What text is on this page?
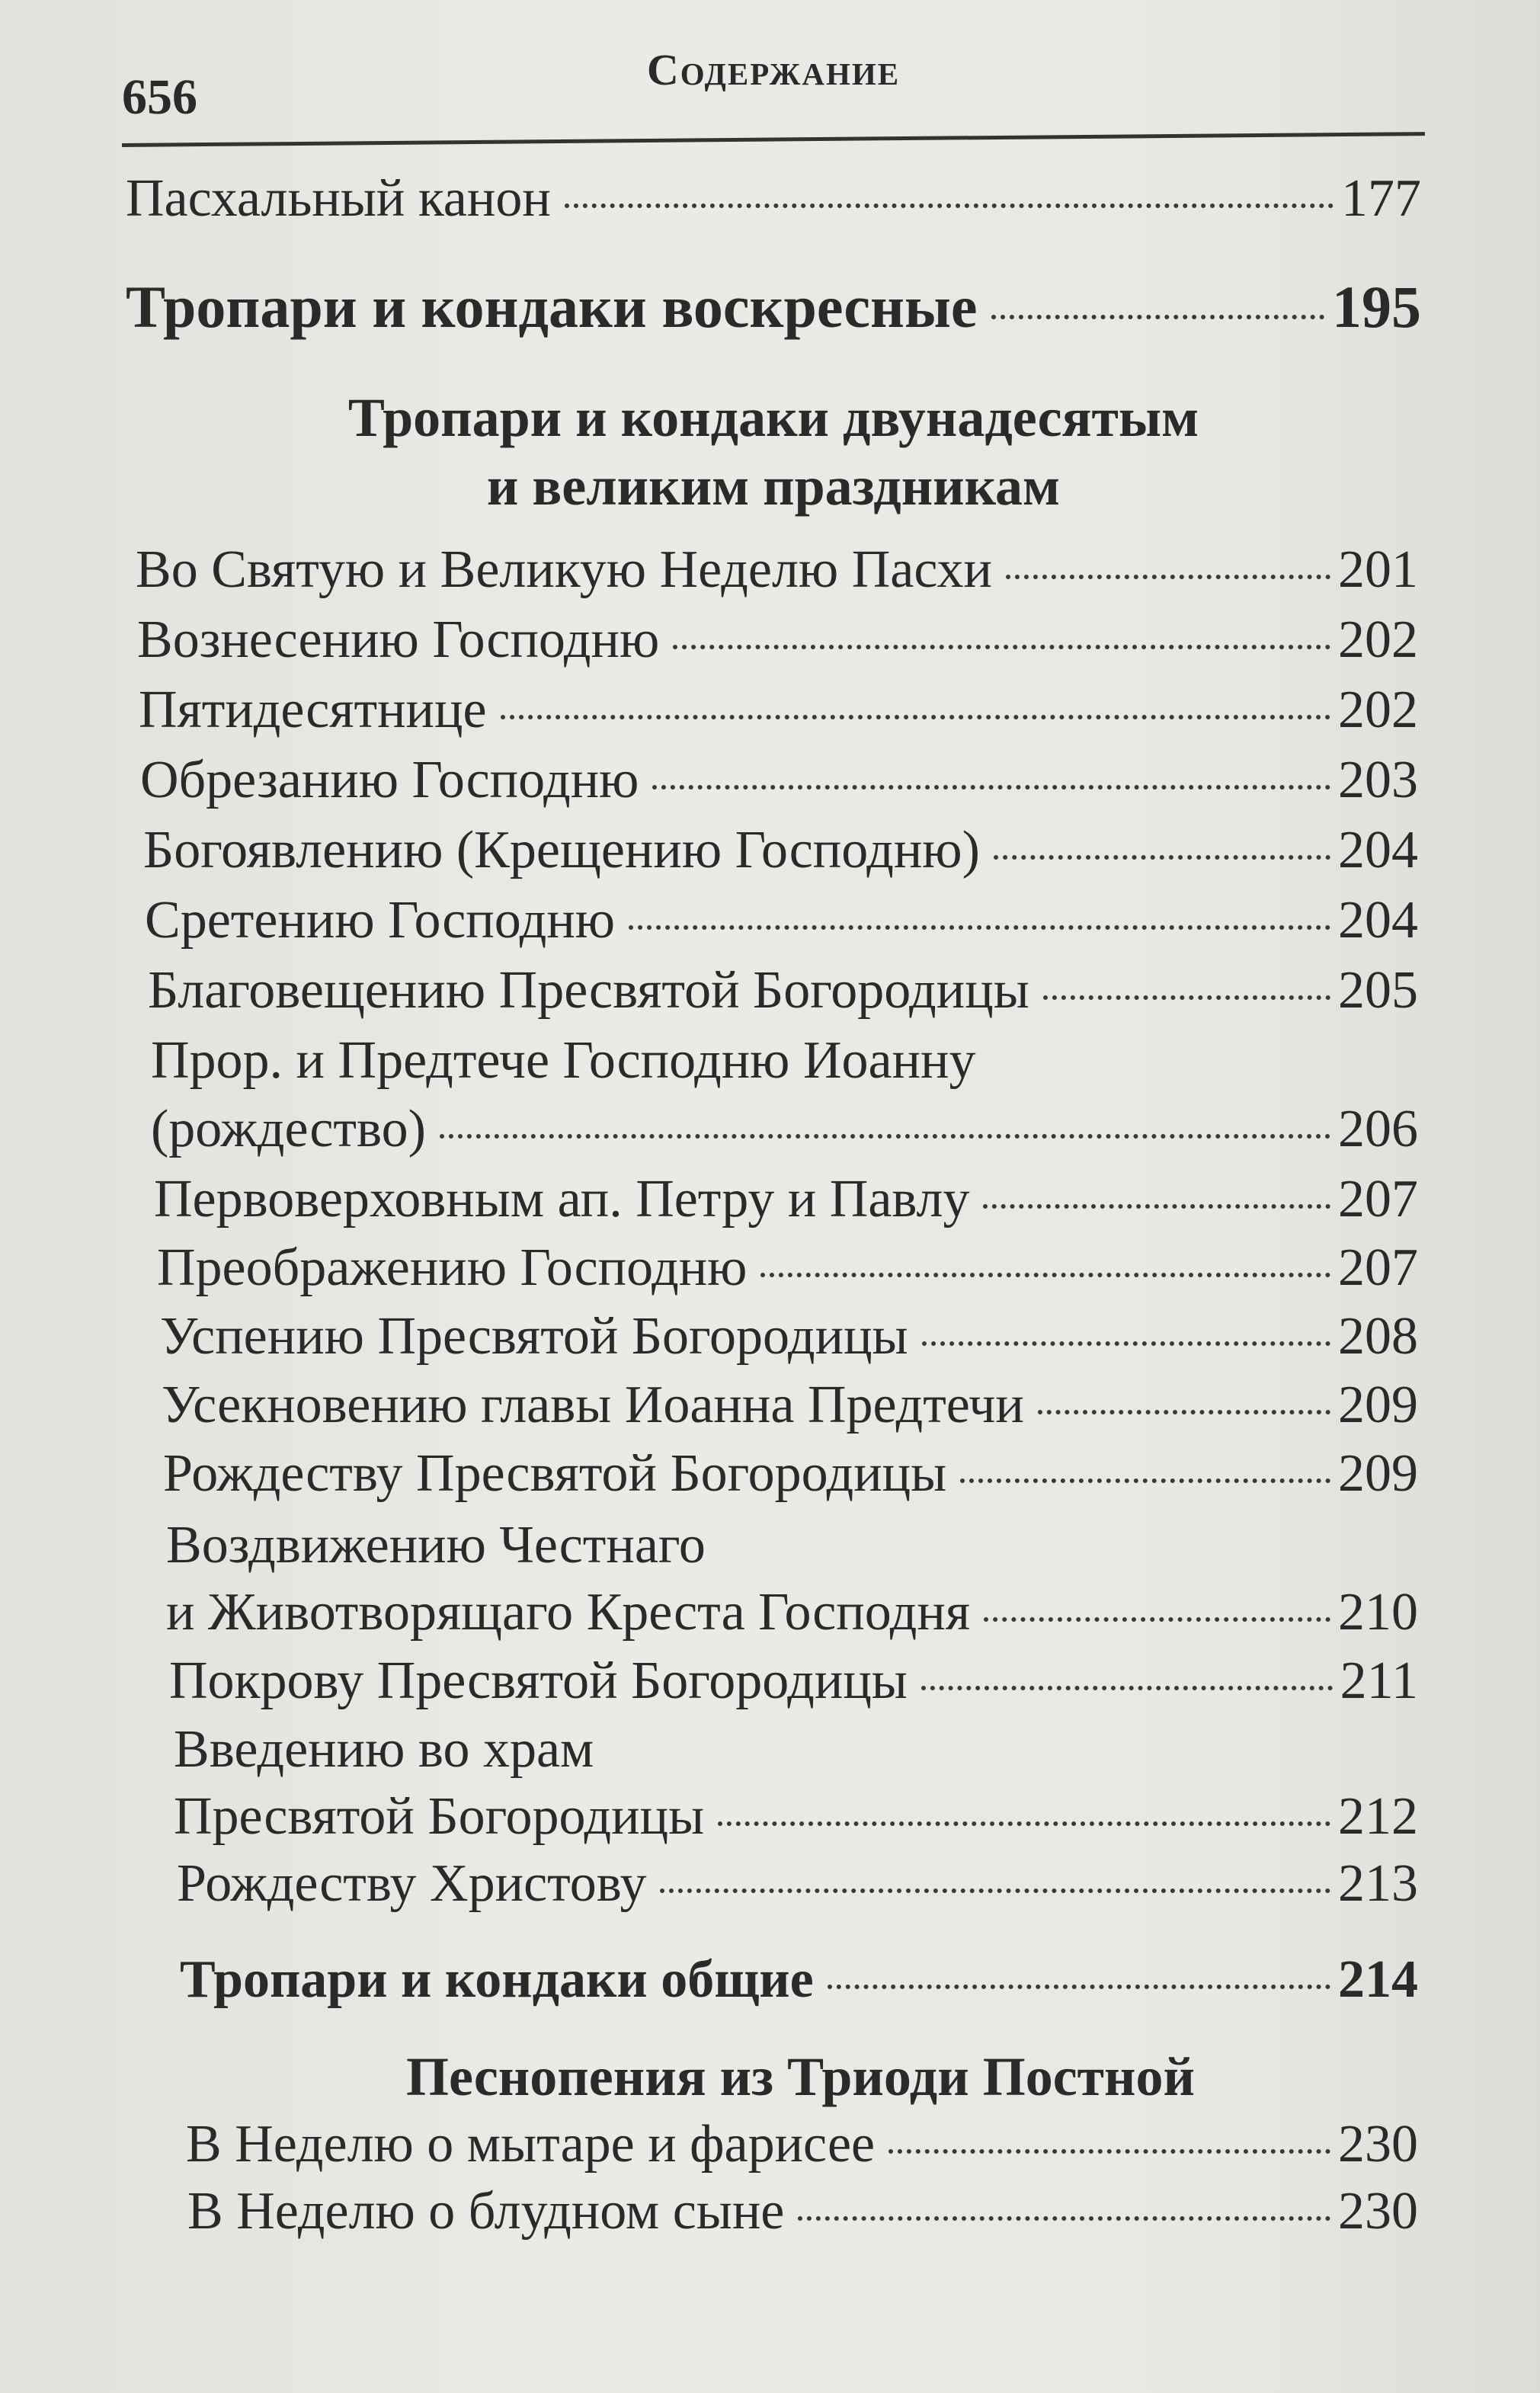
656	Содержание
Пасхальный канон	177
Тропари и кондаки воскресные	195
Тропари и кондаки двунадесятым
и великим праздникам
Во Святую и Великую Неделю Пасхи	201
Вознесению Господню	202
Пятидесятнице	202
Обрезанию Господню	203
Богоявлению (Крещению Господню)	204
Сретению Господню	204
Благовещению Пресвятой Богородицы	205
Прор. и Предтече Господню Иоанну
(рождество)	206
Первоверховным ап. Петру и Павлу	207
Преображению Господню	207
Успению Пресвятой Богородицы	208
Усекновению главы Иоанна Предтечи	209
Рождеству Пресвятой Богородицы	209
Воздвижению Честнаго
и Животворящаго Креста Господня	210
Покрову Пресвятой Богородицы	211
Введению во храм
Пресвятой Богородицы	212
Рождеству Христову	213
Тропари и кондаки общие	214
Песнопения из Триоди Постной
В Неделю о мытаре и фарисее	230
В Неделю о блудном сыне	230
